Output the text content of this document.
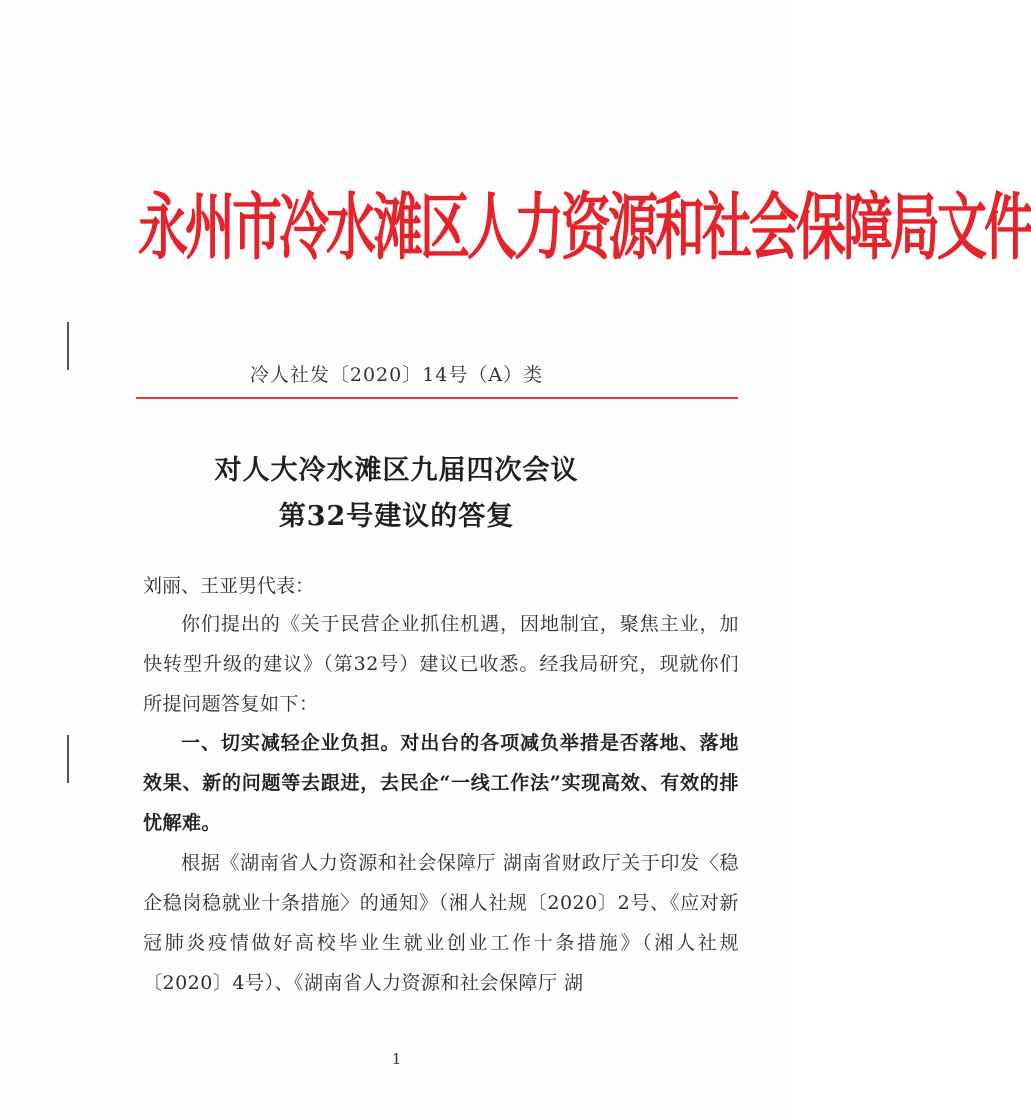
永州市冷水滩区人力资源和社会保障局文件
冷人社发〔2020〕14号（A）类
对人大冷水滩区九届四次会议
第32号建议的答复
刘丽、王亚男代表：
你们提出的《关于民营企业抓住机遇，因地制宜，聚焦主业，加快转型升级的建议》（第32号）建议已收悉。经我局研究，现就你们所提问题答复如下：
一、切实减轻企业负担。对出台的各项减负举措是否落地、落地效果、新的问题等去跟进，去民企“一线工作法”实现高效、有效的排忧解难。
根据《湖南省人力资源和社会保障厅 湖南省财政厅关于印发〈稳企稳岗稳就业十条措施〉的通知》（湘人社规〔2020〕2号、《应对新冠肺炎疫情做好高校毕业生就业创业工作十条措施》（湘人社规〔2020〕4号）、《湖南省人力资源和社会保障厅 湖
1
